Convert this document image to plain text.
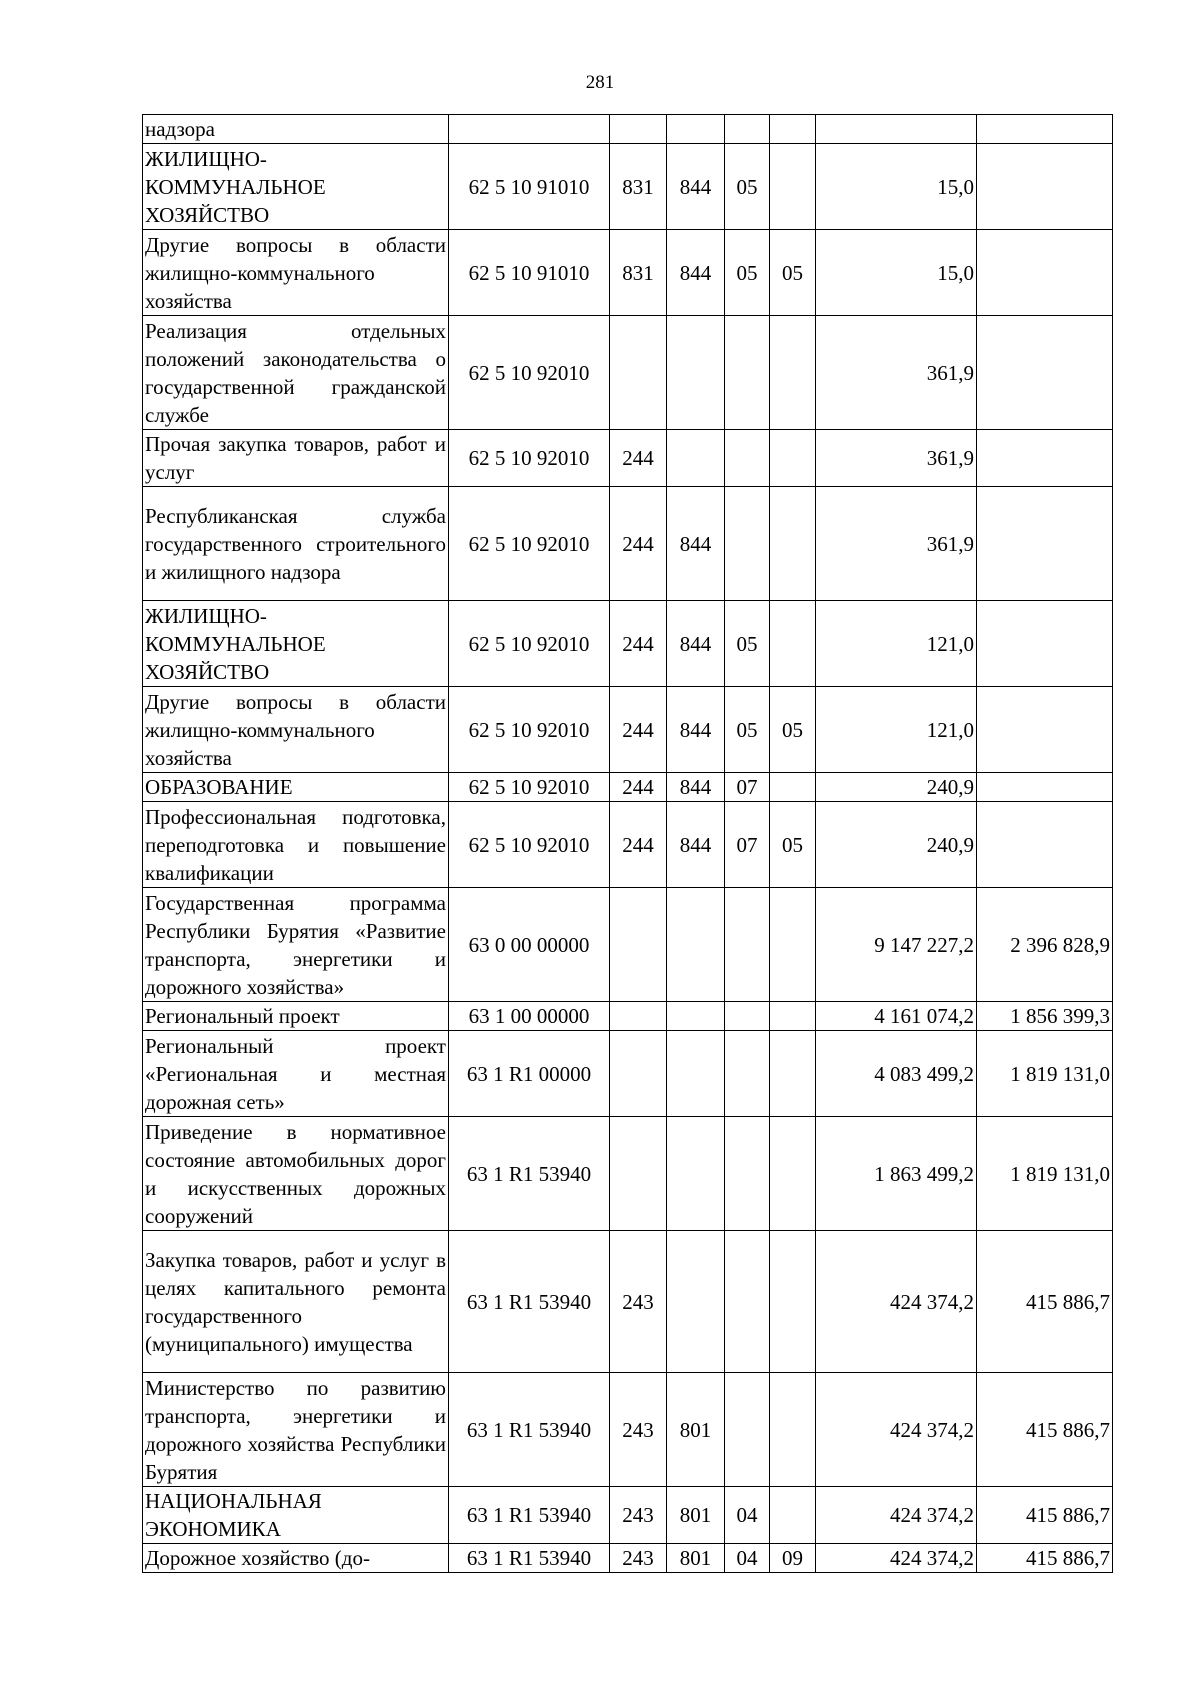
281
надзора							
ЖИЛИЩНО-КОММУНАЛЬНОЕ ХОЗЯЙСТВО	62 5 10 91010	831	844	05		15,0	
Другие вопросы в области жилищно-коммунального хозяйства	62 5 10 91010	831	844	05	05	15,0	
Реализация отдельных положений законодательства о государственной гражданской службе	62 5 10 92010					361,9	
Прочая закупка товаров, работ и услуг	62 5 10 92010	244				361,9	
Республиканская служба государственного строительного и жилищного надзора	62 5 10 92010	244	844			361,9	
ЖИЛИЩНО-КОММУНАЛЬНОЕ ХОЗЯЙСТВО	62 5 10 92010	244	844	05		121,0	
Другие вопросы в области жилищно-коммунального хозяйства	62 5 10 92010	244	844	05	05	121,0	
ОБРАЗОВАНИЕ	62 5 10 92010	244	844	07		240,9	
Профессиональная подготовка, переподготовка и повышение квалификации	62 5 10 92010	244	844	07	05	240,9	
Государственная программа Республики Бурятия «Развитие транспорта, энергетики и дорожного хозяйства»	63 0 00 00000					9 147 227,2	2 396 828,9
Региональный проект	63 1 00 00000					4 161 074,2	1 856 399,3
Региональный проект «Региональная и местная дорожная сеть»	63 1 R1 00000					4 083 499,2	1 819 131,0
Приведение в нормативное состояние автомобильных дорог и искусственных дорожных сооружений	63 1 R1 53940					1 863 499,2	1 819 131,0
Закупка товаров, работ и услуг в целях капитального ремонта государственного (муниципального) имущества	63 1 R1 53940	243				424 374,2	415 886,7
Министерство по развитию транспорта, энергетики и дорожного хозяйства Республики Бурятия	63 1 R1 53940	243	801			424 374,2	415 886,7
НАЦИОНАЛЬНАЯ ЭКОНОМИКА	63 1 R1 53940	243	801	04		424 374,2	415 886,7
Дорожное хозяйство (до-	63 1 R1 53940	243	801	04	09	424 374,2	415 886,7
